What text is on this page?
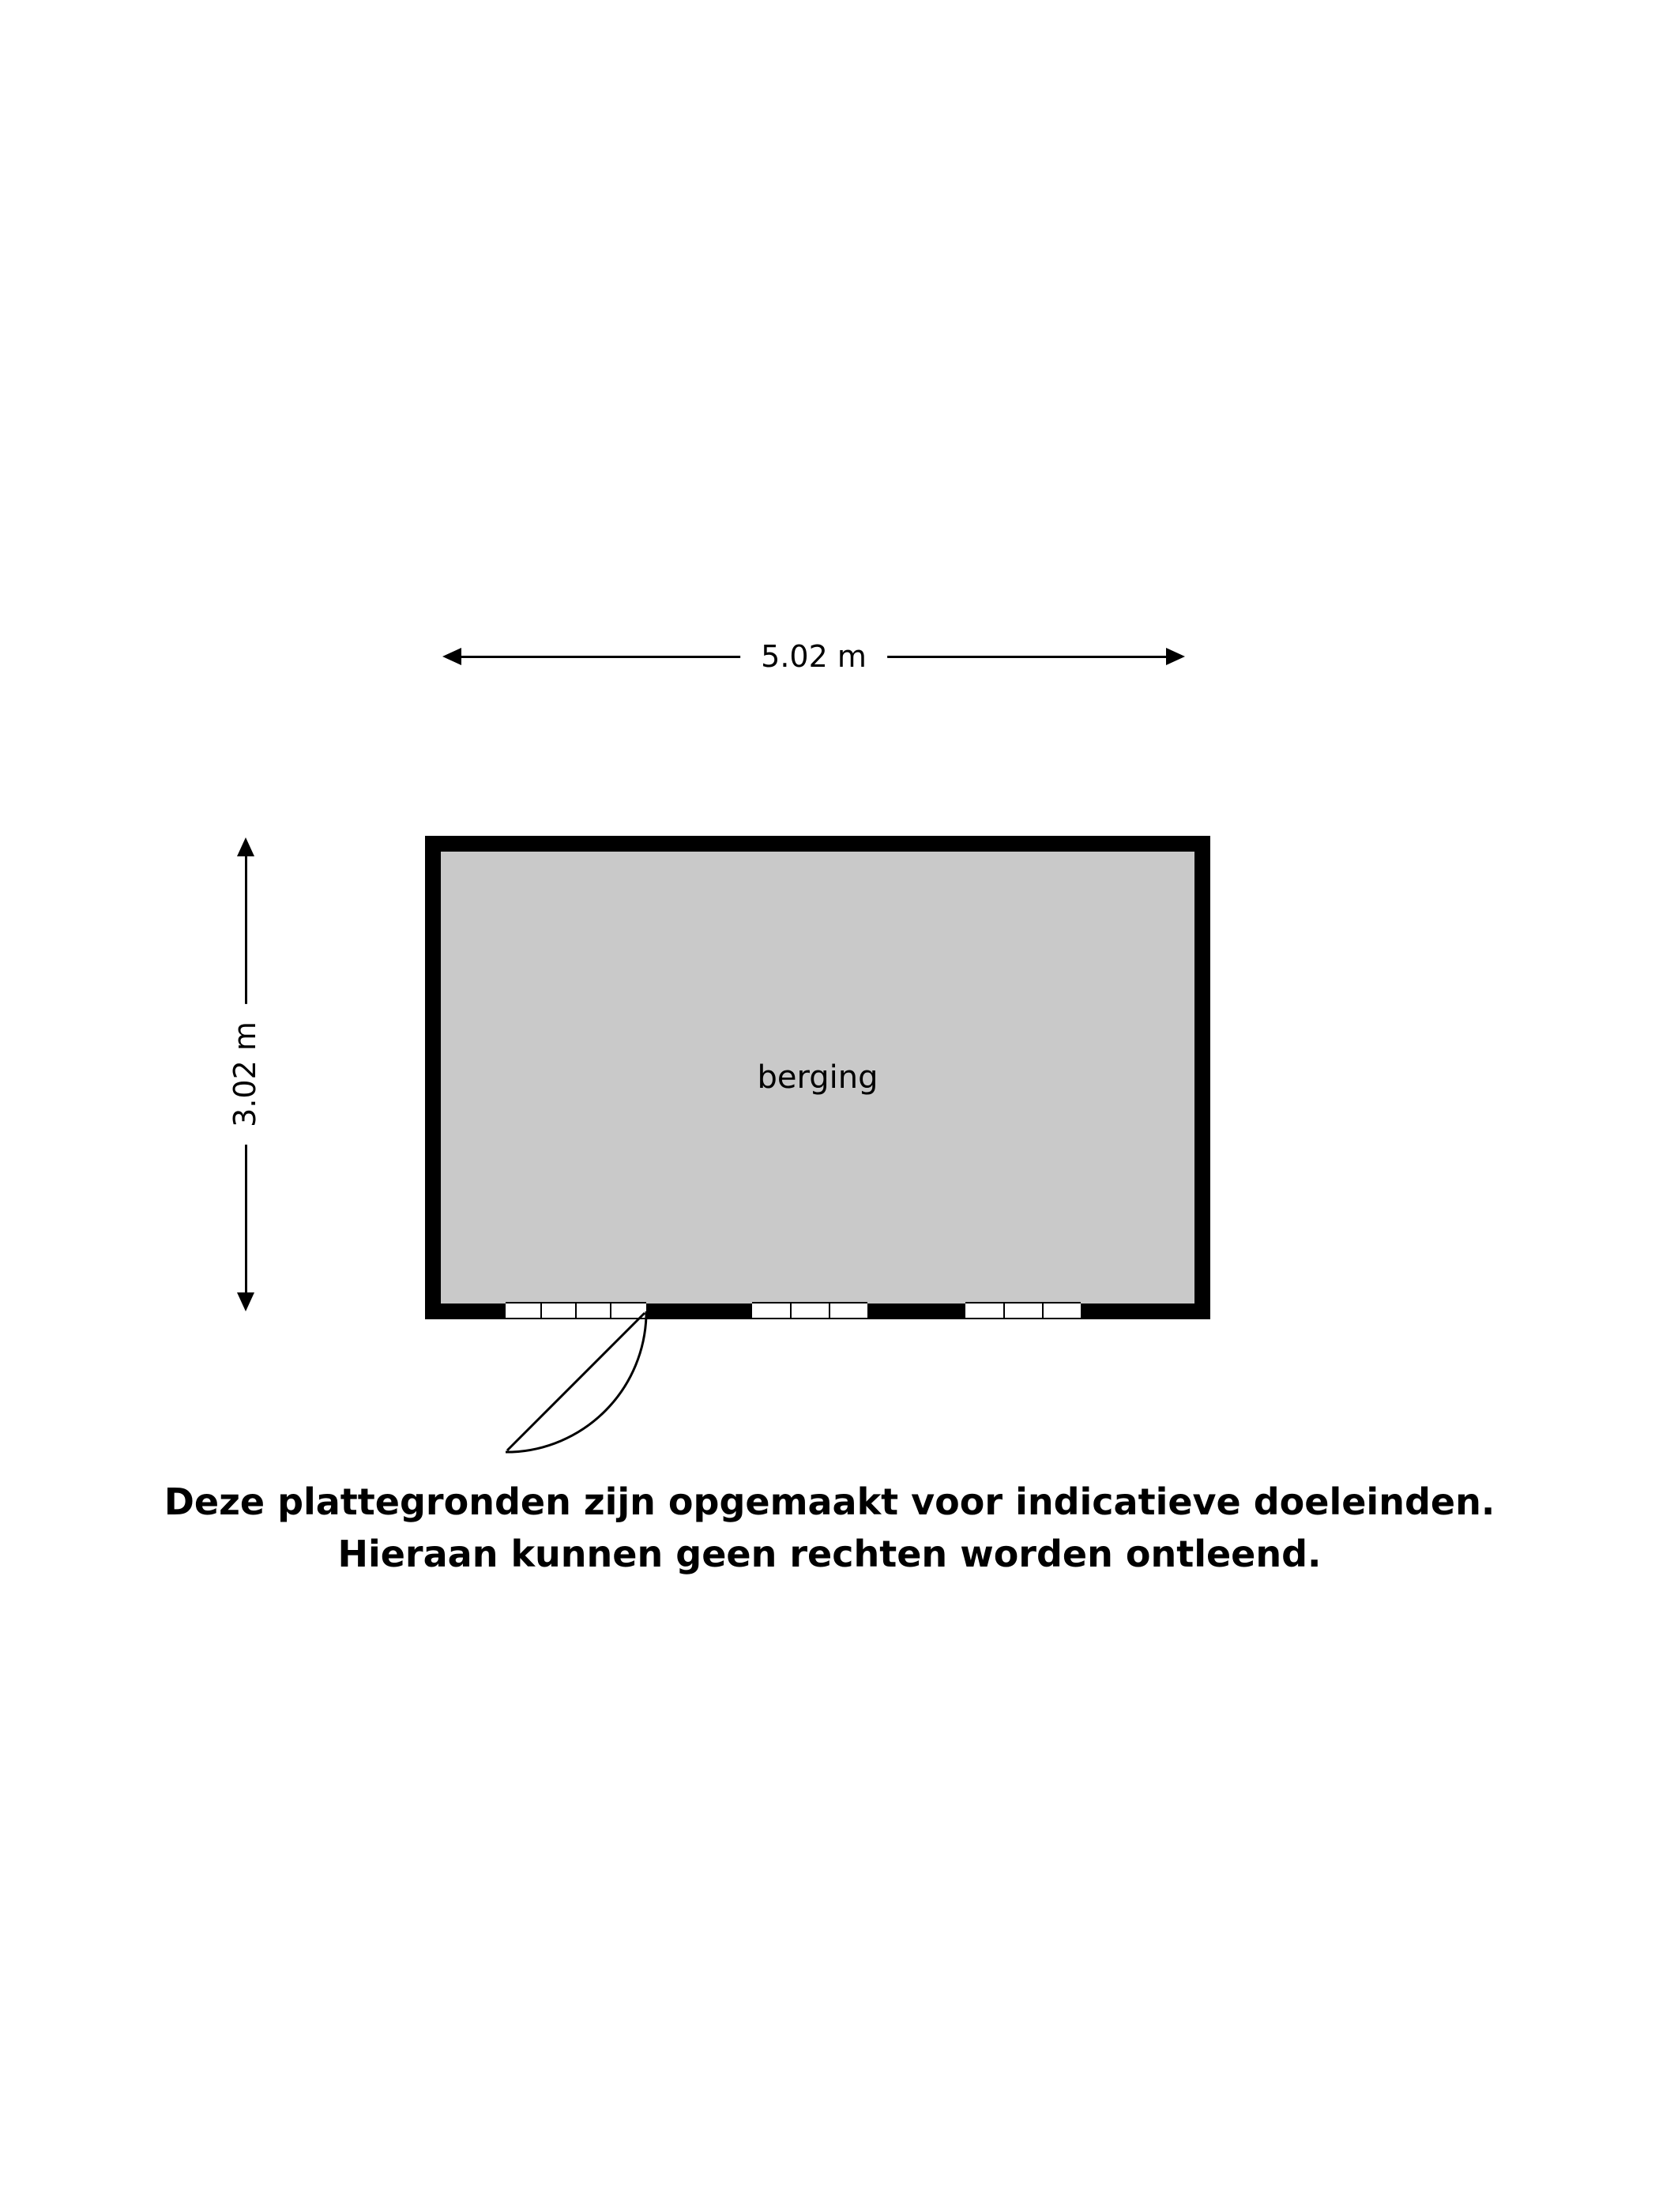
5.02 m
3.02 m	berging
Deze plattegronden zijn opgemaakt voor indicatieve doeleinden.
Hieraan kunnen geen rechten worden ontleend.
